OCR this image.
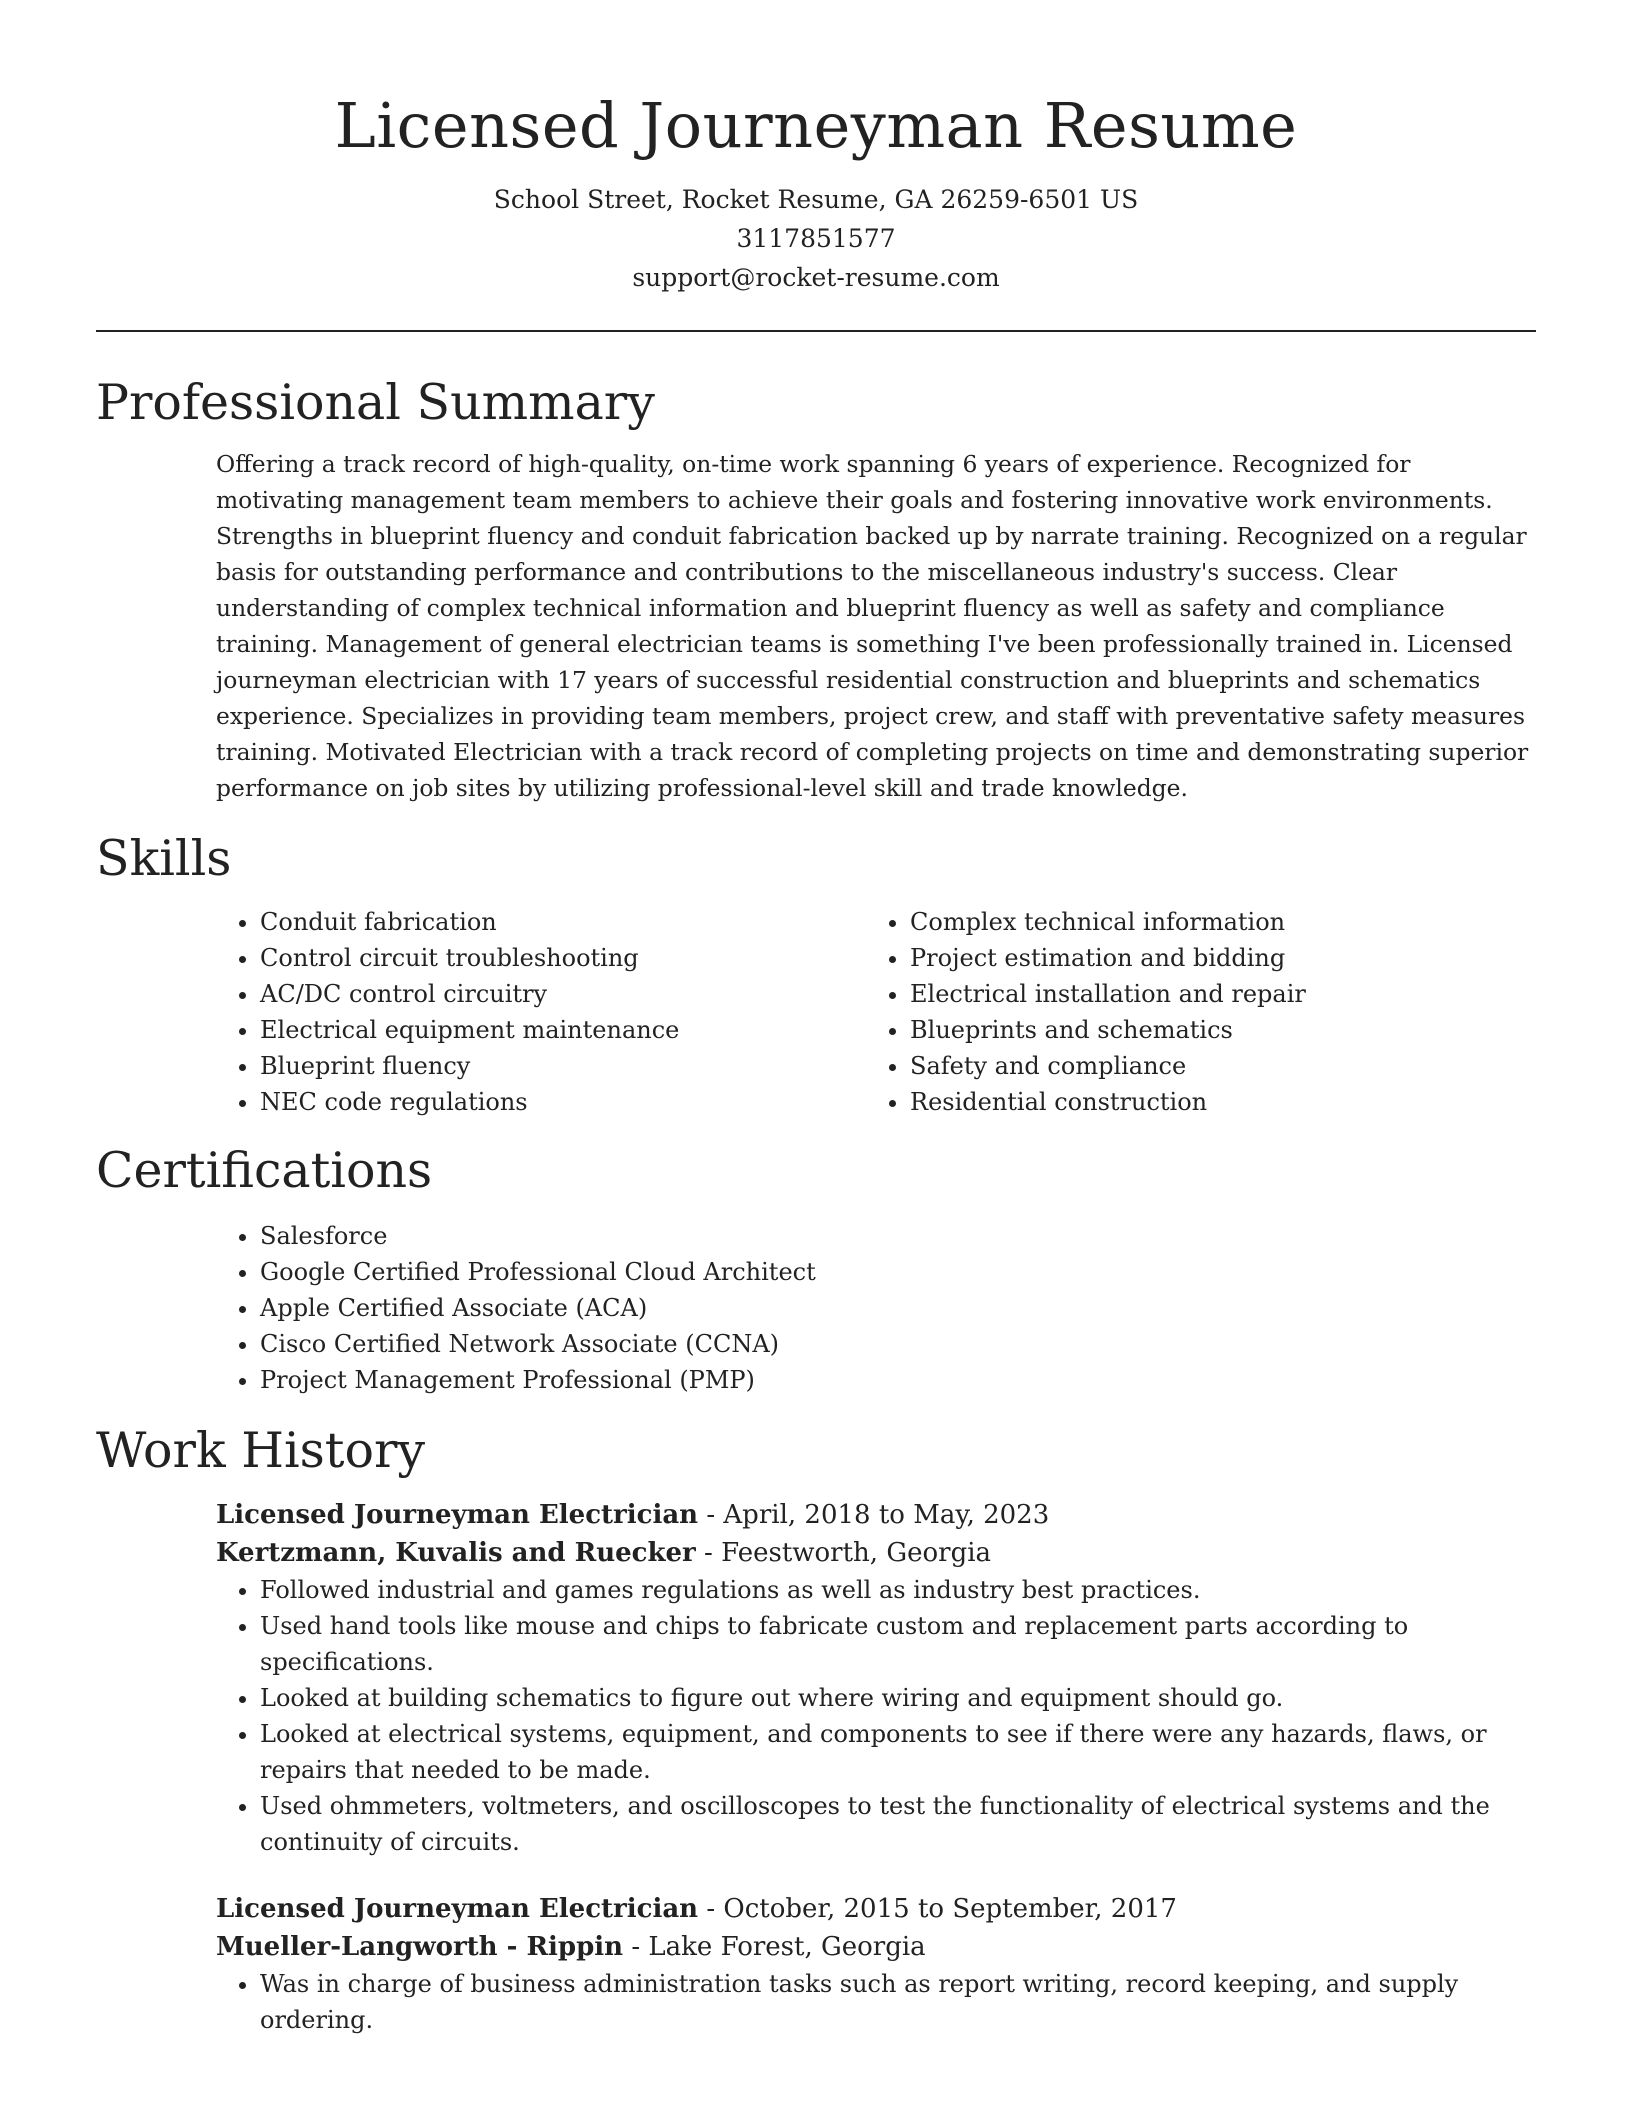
Licensed Journeyman Resume
School Street, Rocket Resume, GA 26259-6501 US
3117851577
support@rocket-resume.com
Professional Summary
Offering a track record of high-quality, on-time work spanning 6 years of experience. Recognized for motivating management team members to achieve their goals and fostering innovative work environments. Strengths in blueprint fluency and conduit fabrication backed up by narrate training. Recognized on a regular basis for outstanding performance and contributions to the miscellaneous industry's success. Clear understanding of complex technical information and blueprint fluency as well as safety and compliance training. Management of general electrician teams is something I've been professionally trained in. Licensed journeyman electrician with 17 years of successful residential construction and blueprints and schematics experience. Specializes in providing team members, project crew, and staff with preventative safety measures training. Motivated Electrician with a track record of completing projects on time and demonstrating superior performance on job sites by utilizing professional-level skill and trade knowledge.
Skills
• Conduit fabrication
• Control circuit troubleshooting
• AC/DC control circuitry
• Electrical equipment maintenance
• Blueprint fluency
• NEC code regulations
• Complex technical information
• Project estimation and bidding
• Electrical installation and repair
• Blueprints and schematics
• Safety and compliance
• Residential construction
Certifications
• Salesforce
• Google Certified Professional Cloud Architect
• Apple Certified Associate (ACA)
• Cisco Certified Network Associate (CCNA)
• Project Management Professional (PMP)
Work History
Licensed Journeyman Electrician - April, 2018 to May, 2023
Kertzmann, Kuvalis and Ruecker - Feestworth, Georgia
• Followed industrial and games regulations as well as industry best practices.
• Used hand tools like mouse and chips to fabricate custom and replacement parts according to specifications.
• Looked at building schematics to figure out where wiring and equipment should go.
• Looked at electrical systems, equipment, and components to see if there were any hazards, flaws, or repairs that needed to be made.
• Used ohmmeters, voltmeters, and oscilloscopes to test the functionality of electrical systems and the continuity of circuits.
Licensed Journeyman Electrician - October, 2015 to September, 2017
Mueller-Langworth - Rippin - Lake Forest, Georgia
• Was in charge of business administration tasks such as report writing, record keeping, and supply ordering.
